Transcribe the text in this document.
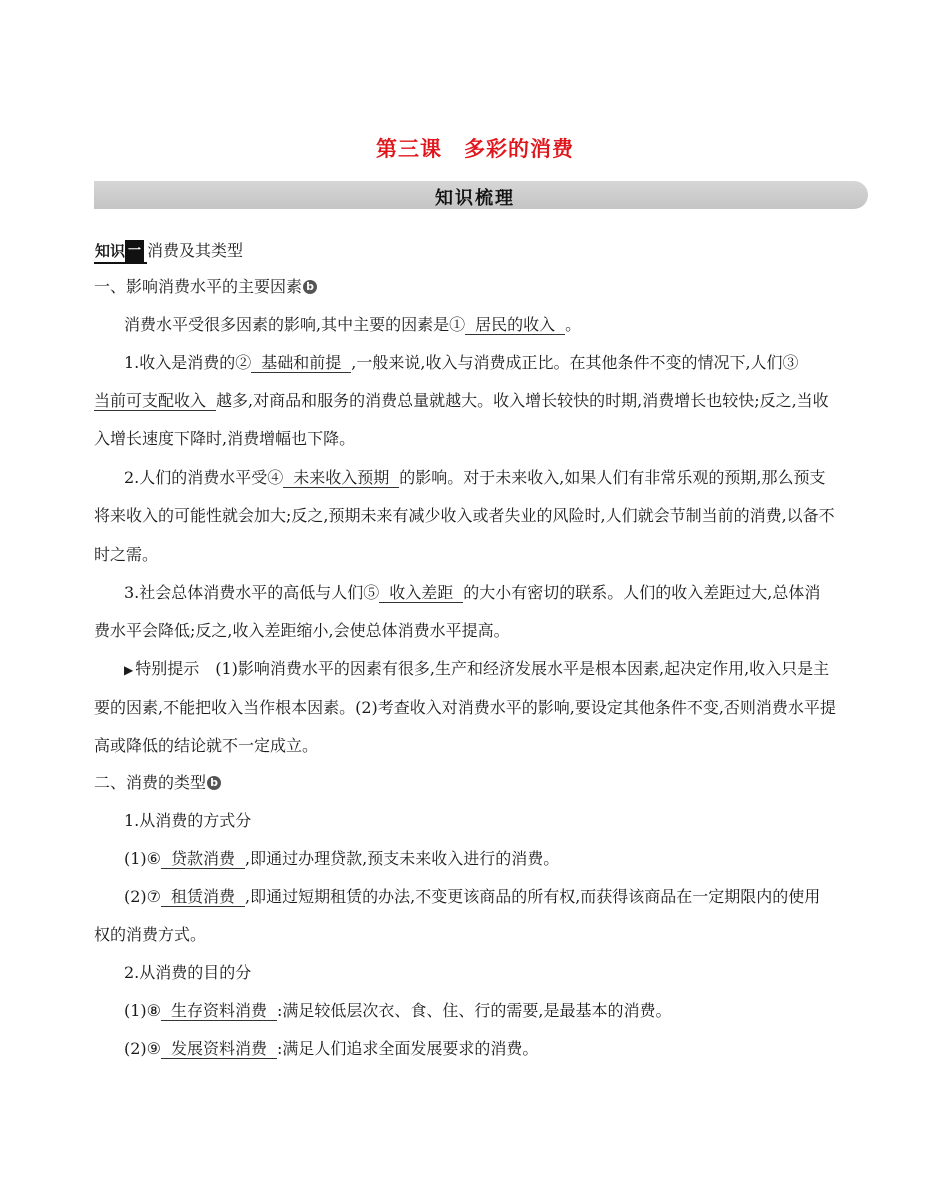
第三课　多彩的消费
知识梳理
知识 一 消费及其类型
一、影响消费水平的主要因素 b
消费水平受很多因素的影响,其中主要的因素是① 居民的收入 。
1.收入是消费的② 基础和前提 ,一般来说,收入与消费成正比。在其他条件不变的情况下,人们③
当前可支配收入 越多,对商品和服务的消费总量就越大。收入增长较快的时期,消费增长也较快;反之,当收
入增长速度下降时,消费增幅也下降。
2.人们的消费水平受④ 未来收入预期 的影响。对于未来收入,如果人们有非常乐观的预期,那么预支
将来收入的可能性就会加大;反之,预期未来有减少收入或者失业的风险时,人们就会节制当前的消费,以备不
时之需。
3.社会总体消费水平的高低与人们⑤ 收入差距 的大小有密切的联系。人们的收入差距过大,总体消
费水平会降低;反之,收入差距缩小,会使总体消费水平提高。
▶ 特别提示 (1)影响消费水平的因素有很多,生产和经济发展水平是根本因素,起决定作用,收入只是主
要的因素,不能把收入当作根本因素。(2)考查收入对消费水平的影响,要设定其他条件不变,否则消费水平提
高或降低的结论就不一定成立。
二、消费的类型 b
1.从消费的方式分
(1)⑥ 贷款消费 ,即通过办理贷款,预支未来收入进行的消费。
(2)⑦ 租赁消费 ,即通过短期租赁的办法,不变更该商品的所有权,而获得该商品在一定期限内的使用
权的消费方式。
2.从消费的目的分
(1)⑧ 生存资料消费 :满足较低层次衣、食、住、行的需要,是最基本的消费。
(2)⑨ 发展资料消费 :满足人们追求全面发展要求的消费。
